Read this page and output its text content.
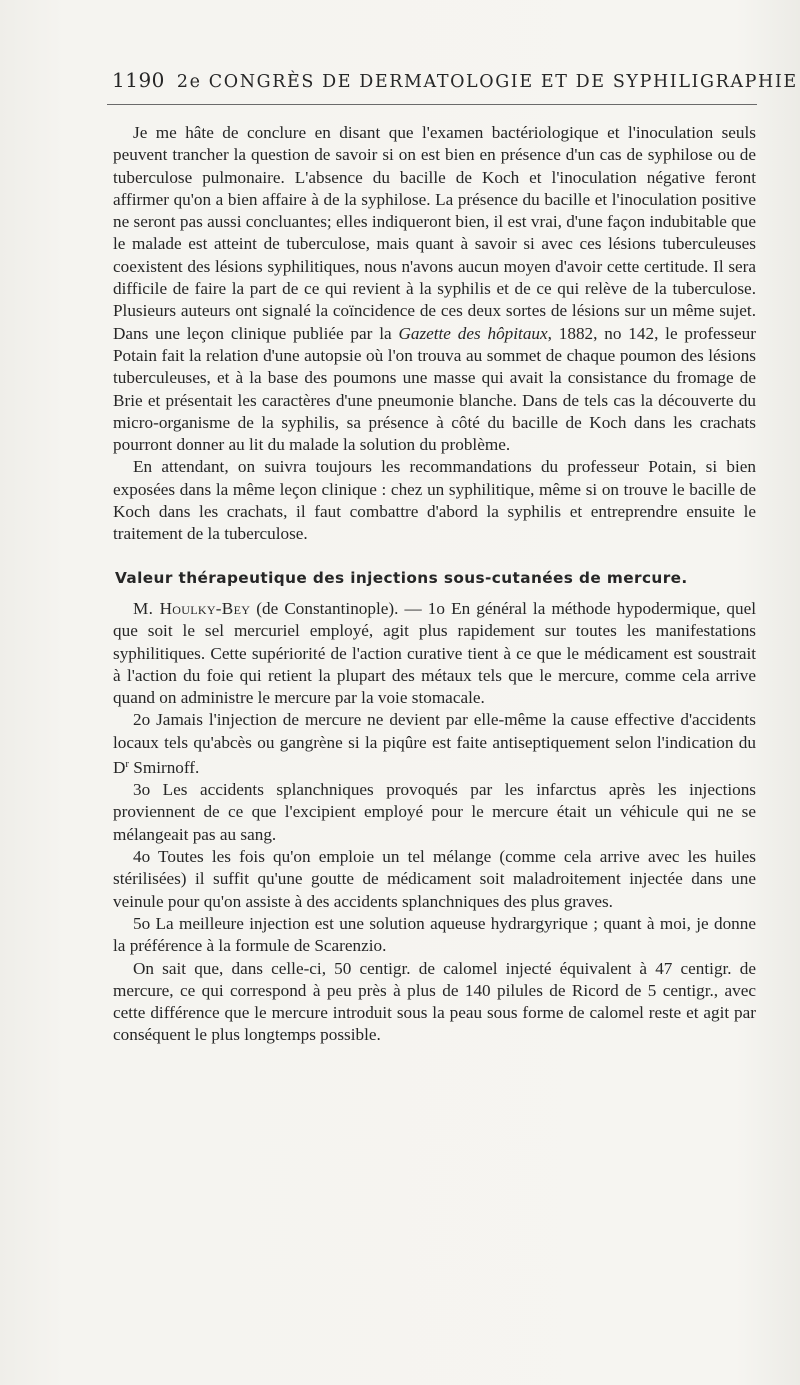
1190 2e CONGRÈS DE DERMATOLOGIE ET DE SYPHILIGRAPHIE

Je me hâte de conclure en disant que l'examen bactériologique et l'inoculation seuls peuvent trancher la question de savoir si on est bien en présence d'un cas de syphilose ou de tuberculose pulmonaire. L'absence du bacille de Koch et l'inoculation négative feront affirmer qu'on a bien affaire à de la syphilose. La présence du bacille et l'inoculation positive ne seront pas aussi concluantes; elles indiqueront bien, il est vrai, d'une façon indubitable que le malade est atteint de tuberculose, mais quant à savoir si avec ces lésions tuberculeuses coexistent des lésions syphilitiques, nous n'avons aucun moyen d'avoir cette certitude. Il sera difficile de faire la part de ce qui revient à la syphilis et de ce qui relève de la tuberculose. Plusieurs auteurs ont signalé la coïncidence de ces deux sortes de lésions sur un même sujet. Dans une leçon clinique publiée par la Gazette des hôpitaux, 1882, no 142, le professeur Potain fait la relation d'une autopsie où l'on trouva au sommet de chaque poumon des lésions tuberculeuses, et à la base des poumons une masse qui avait la consistance du fromage de Brie et présentait les caractères d'une pneumonie blanche. Dans de tels cas la découverte du micro-organisme de la syphilis, sa présence à côté du bacille de Koch dans les crachats pourront donner au lit du malade la solution du problème.

En attendant, on suivra toujours les recommandations du professeur Potain, si bien exposées dans la même leçon clinique : chez un syphilitique, même si on trouve le bacille de Koch dans les crachats, il faut combattre d'abord la syphilis et entreprendre ensuite le traitement de la tuberculose.

Valeur thérapeutique des injections sous-cutanées de mercure.

M. Houlky-Bey (de Constantinople). — 1o En général la méthode hypodermique, quel que soit le sel mercuriel employé, agit plus rapidement sur toutes les manifestations syphilitiques. Cette supériorité de l'action curative tient à ce que le médicament est soustrait à l'action du foie qui retient la plupart des métaux tels que le mercure, comme cela arrive quand on administre le mercure par la voie stomacale.

2o Jamais l'injection de mercure ne devient par elle-même la cause effective d'accidents locaux tels qu'abcès ou gangrène si la piqûre est faite antiseptiquement selon l'indication du $D^r$ Smirnoff.

3o Les accidents splanchniques provoqués par les infarctus après les injections proviennent de ce que l'excipient employé pour le mercure était un véhicule qui ne se mélangeait pas au sang.

4o Toutes les fois qu'on emploie un tel mélange (comme cela arrive avec les huiles stérilisées) il suffit qu'une goutte de médicament soit maladroitement injectée dans une veinule pour qu'on assiste à des accidents splanchniques des plus graves.

5o La meilleure injection est une solution aqueuse hydrargyrique ; quant à moi, je donne la préférence à la formule de Scarenzio.

On sait que, dans celle-ci, 50 centigr. de calomel injecté équivalent à 47 centigr. de mercure, ce qui correspond à peu près à plus de 140 pilules de Ricord de 5 centigr., avec cette différence que le mercure introduit sous la peau sous forme de calomel reste et agit par conséquent le plus longtemps possible.
